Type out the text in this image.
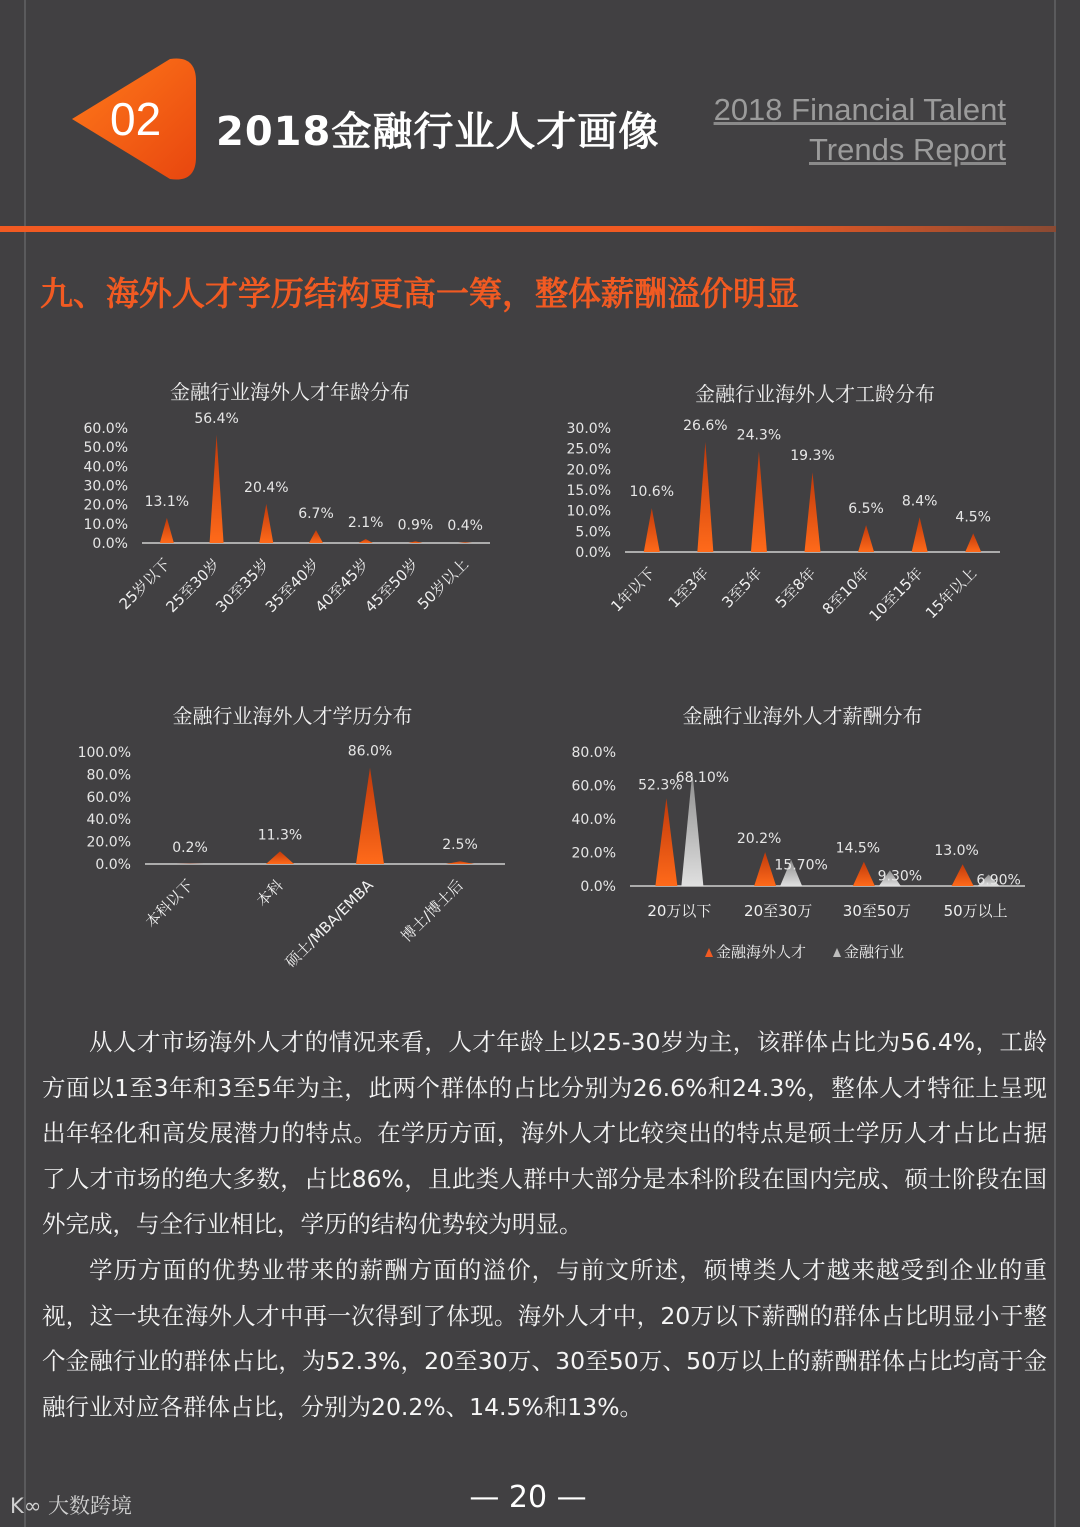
02	2018金融行业人才画像 2018 Financial Talent
Trends Report
九、海外人才学历结构更高一筹，整体薪酬溢价明显
金融行业海外人才年龄分布
60.0%
50.0%
40.0%
30.0%
20.0%
10.0%
0.0%
13.1%
25岁以下
56.4%
25至30岁
20.4%
30至35岁
6.7%
35至40岁
2.1%
40至45岁
0.9%
45至50岁
0.4%
50岁以上
金融行业海外人才工龄分布
30.0%
25.0%
20.0%
15.0%
10.0%
5.0%
0.0%
10.6%
1年以下
26.6%
1至3年
24.3%
3至5年
19.3%
5至8年
6.5%
8至10年
8.4%
10至15年
4.5%
15年以上
金融行业海外人才学历分布
100.0%
80.0%
60.0%
40.0%
20.0%
0.0%
0.2%
本科以下
11.3%
本科
86.0%
硕士/MBA/EMBA
2.5%
博士/博士后
金融行业海外人才薪酬分布
80.0%
60.0%
40.0%
20.0%
0.0%
52.3%
68.10%
20万以下
20.2%
15.70%
20至30万
14.5%
9.30%
30至50万
13.0%
6.90%
50万以上
金融海外人才	金融行业

从人才市场海外人才的情况来看，人才年龄上以25-30岁为主，该群体占比为56.4%，工龄方面以1至3年和3至5年为主，此两个群体的占比分别为26.6%和24.3%，整体人才特征上呈现出年轻化和高发展潜力的特点。在学历方面，海外人才比较突出的特点是硕士学历人才占比占据了人才市场的绝大多数，占比86%，且此类人群中大部分是本科阶段在国内完成、硕士阶段在国外完成，与全行业相比，学历的结构优势较为明显。

学历方面的优势业带来的薪酬方面的溢价，与前文所述，硕博类人才越来越受到企业的重视，这一块在海外人才中再一次得到了体现。海外人才中，20万以下薪酬的群体占比明显小于整个金融行业的群体占比，为52.3%，20至30万、30至50万、50万以上的薪酬群体占比均高于金融行业对应各群体占比，分别为20.2%、14.5%和13%。

— 20 —
K∞ 大数跨境
